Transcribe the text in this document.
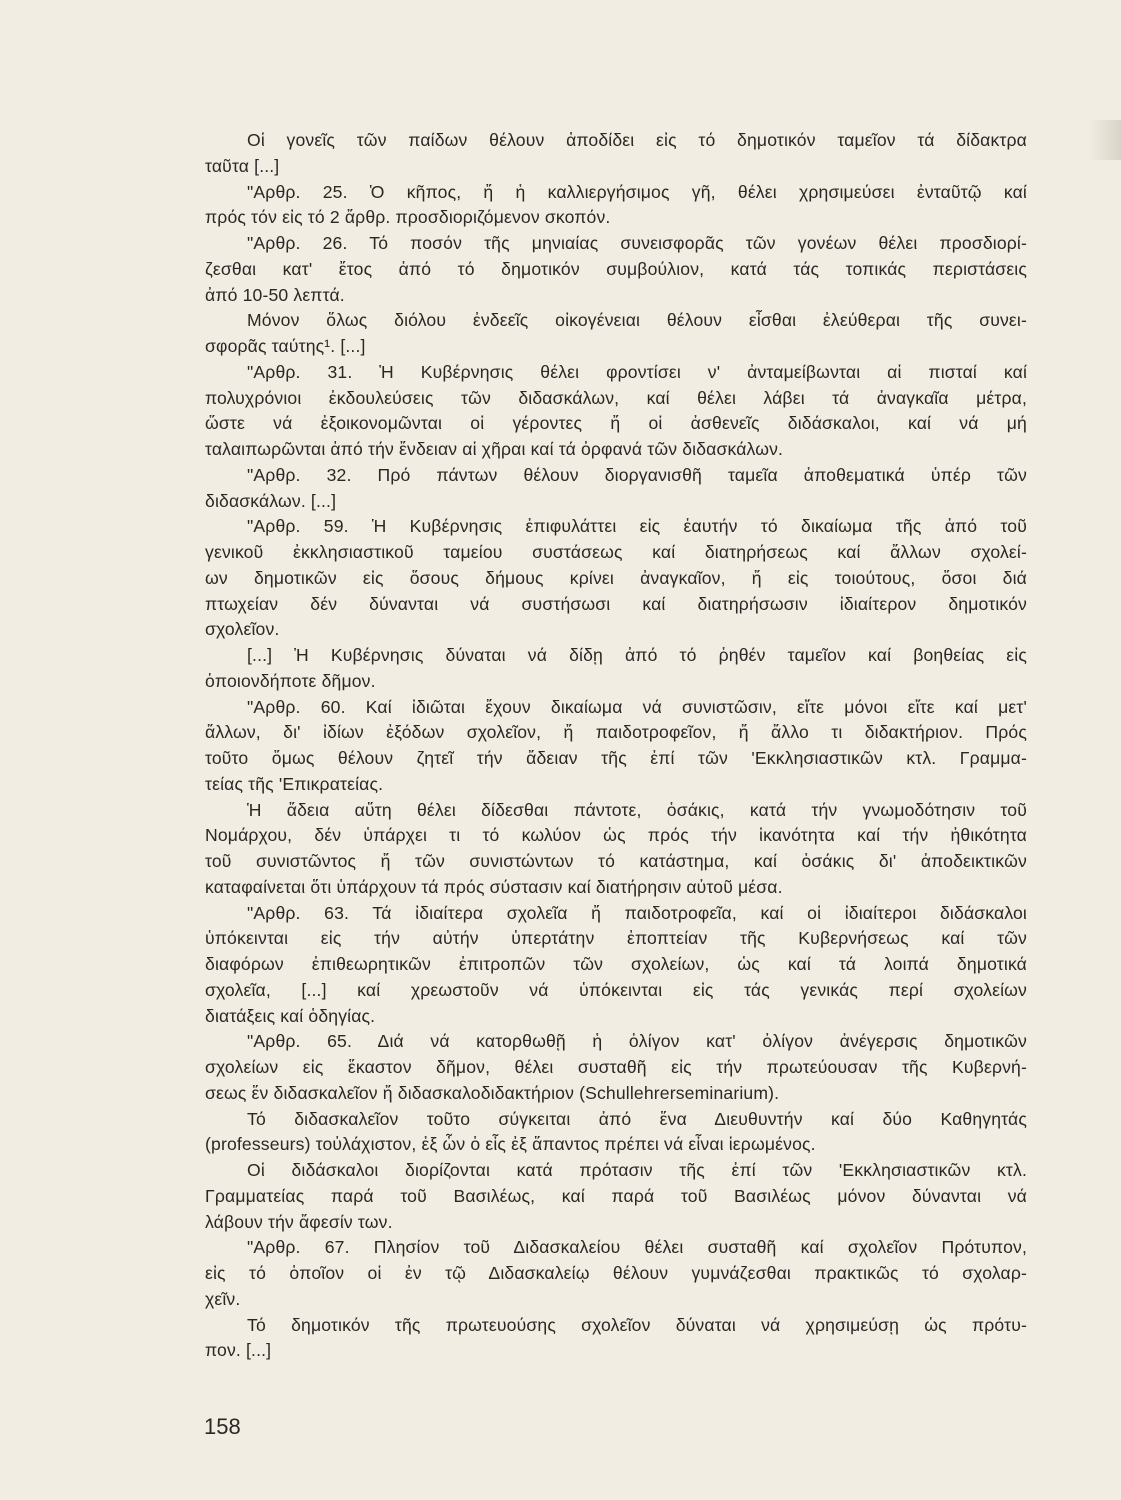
Οἱ γονεῖς τῶν παίδων θέλουν ἀποδίδει εἰς τό δημοτικόν ταμεῖον τά δίδακτρα
ταῦτα [...]
"Αρθρ. 25. Ὁ κῆπος, ἤ ἡ καλλιεργήσιμος γῆ, θέλει χρησιμεύσει ἐνταῦτῷ καί
πρός τόν εἰς τό 2 ἄρθρ. προσδιοριζόμενον σκοπόν.
"Αρθρ. 26. Τό ποσόν τῆς μηνιαίας συνεισφορᾶς τῶν γονέων θέλει προσδιορί-
ζεσθαι κατ' ἔτος ἀπό τό δημοτικόν συμβούλιον, κατά τάς τοπικάς περιστάσεις
ἀπό 10-50 λεπτά.
Μόνον ὅλως διόλου ἐνδεεῖς οἰκογένειαι θέλουν εἶσθαι ἐλεύθεραι τῆς συνει-
σφορᾶς ταύτης¹. [...]
"Αρθρ. 31. Ἡ Κυβέρνησις θέλει φροντίσει ν' ἀνταμείβωνται αἱ πισταί καί
πολυχρόνιοι ἐκδουλεύσεις τῶν διδασκάλων, καί θέλει λάβει τά ἀναγκαῖα μέτρα,
ὥστε νά ἐξοικονομῶνται οἱ γέροντες ἤ οἱ ἀσθενεῖς διδάσκαλοι, καί νά μή
ταλαιπωρῶνται ἀπό τήν ἔνδειαν αἱ χῆραι καί τά ὀρφανά τῶν διδασκάλων.
"Αρθρ. 32. Πρό πάντων θέλουν διοργανισθῆ ταμεῖα ἀποθεματικά ὑπέρ τῶν
διδασκάλων. [...]
"Αρθρ. 59. Ἡ Κυβέρνησις ἐπιφυλάττει εἰς ἑαυτήν τό δικαίωμα τῆς ἀπό τοῦ
γενικοῦ ἐκκλησιαστικοῦ ταμείου συστάσεως καί διατηρήσεως καί ἄλλων σχολεί-
ων δημοτικῶν εἰς ὅσους δήμους κρίνει ἀναγκαῖον, ἤ εἰς τοιούτους, ὅσοι διά
πτωχείαν δέν δύνανται νά συστήσωσι καί διατηρήσωσιν ἰδιαίτερον δημοτικόν
σχολεῖον.
[...] Ἡ Κυβέρνησις δύναται νά δίδῃ ἀπό τό ῥηθέν ταμεῖον καί βοηθείας εἰς
ὁποιονδήποτε δῆμον.
"Αρθρ. 60. Καί ἰδιῶται ἔχουν δικαίωμα νά συνιστῶσιν, εἴτε μόνοι εἴτε καί μετ'
ἄλλων, δι' ἰδίων ἐξόδων σχολεῖον, ἤ παιδοτροφεῖον, ἤ ἄλλο τι διδακτήριον. Πρός
τοῦτο ὅμως θέλουν ζητεῖ τήν ἄδειαν τῆς ἐπί τῶν 'Εκκλησιαστικῶν κτλ. Γραμμα-
τείας τῆς 'Επικρατείας.
Ἡ ἄδεια αὕτη θέλει δίδεσθαι πάντοτε, ὁσάκις, κατά τήν γνωμοδότησιν τοῦ
Νομάρχου, δέν ὑπάρχει τι τό κωλύον ὡς πρός τήν ἱκανότητα καί τήν ἠθικότητα
τοῦ συνιστῶντος ἤ τῶν συνιστώντων τό κατάστημα, καί ὁσάκις δι' ἀποδεικτικῶν
καταφαίνεται ὅτι ὑπάρχουν τά πρός σύστασιν καί διατήρησιν αὐτοῦ μέσα.
"Αρθρ. 63. Τά ἰδιαίτερα σχολεῖα ἤ παιδοτροφεῖα, καί οἱ ἰδιαίτεροι διδάσκαλοι
ὑπόκεινται εἰς τήν αὐτήν ὑπερτάτην ἐποπτείαν τῆς Κυβερνήσεως καί τῶν
διαφόρων ἐπιθεωρητικῶν ἐπιτροπῶν τῶν σχολείων, ὡς καί τά λοιπά δημοτικά
σχολεῖα, [...] καί χρεωστοῦν νά ὑπόκεινται εἰς τάς γενικάς περί σχολείων
διατάξεις καί ὁδηγίας.
"Αρθρ. 65. Διά νά κατορθωθῇ ἡ ὀλίγον κατ' ὀλίγον ἀνέγερσις δημοτικῶν
σχολείων εἰς ἕκαστον δῆμον, θέλει συσταθῆ εἰς τήν πρωτεύουσαν τῆς Κυβερνή-
σεως ἕν διδασκαλεῖον ἤ διδασκαλοδιδακτήριον (Schullehrerseminarium).
Τό διδασκαλεῖον τοῦτο σύγκειται ἀπό ἕνα Διευθυντήν καί δύο Καθηγητάς
(professeurs) τοὐλάχιστον, ἐξ ὧν ὁ εἷς ἐξ ἅπαντος πρέπει νά εἶναι ἱερωμένος.
Οἱ διδάσκαλοι διορίζονται κατά πρότασιν τῆς ἐπί τῶν 'Εκκλησιαστικῶν κτλ.
Γραμματείας παρά τοῦ Βασιλέως, καί παρά τοῦ Βασιλέως μόνον δύνανται νά
λάβουν τήν ἄφεσίν των.
"Αρθρ. 67. Πλησίον τοῦ Διδασκαλείου θέλει συσταθῆ καί σχολεῖον Πρότυπον,
εἰς τό ὁποῖον οἱ ἐν τῷ Διδασκαλείῳ θέλουν γυμνάζεσθαι πρακτικῶς τό σχολαρ-
χεῖν.
Τό δημοτικόν τῆς πρωτευούσης σχολεῖον δύναται νά χρησιμεύσῃ ὡς πρότυ-
πον. [...]
158
